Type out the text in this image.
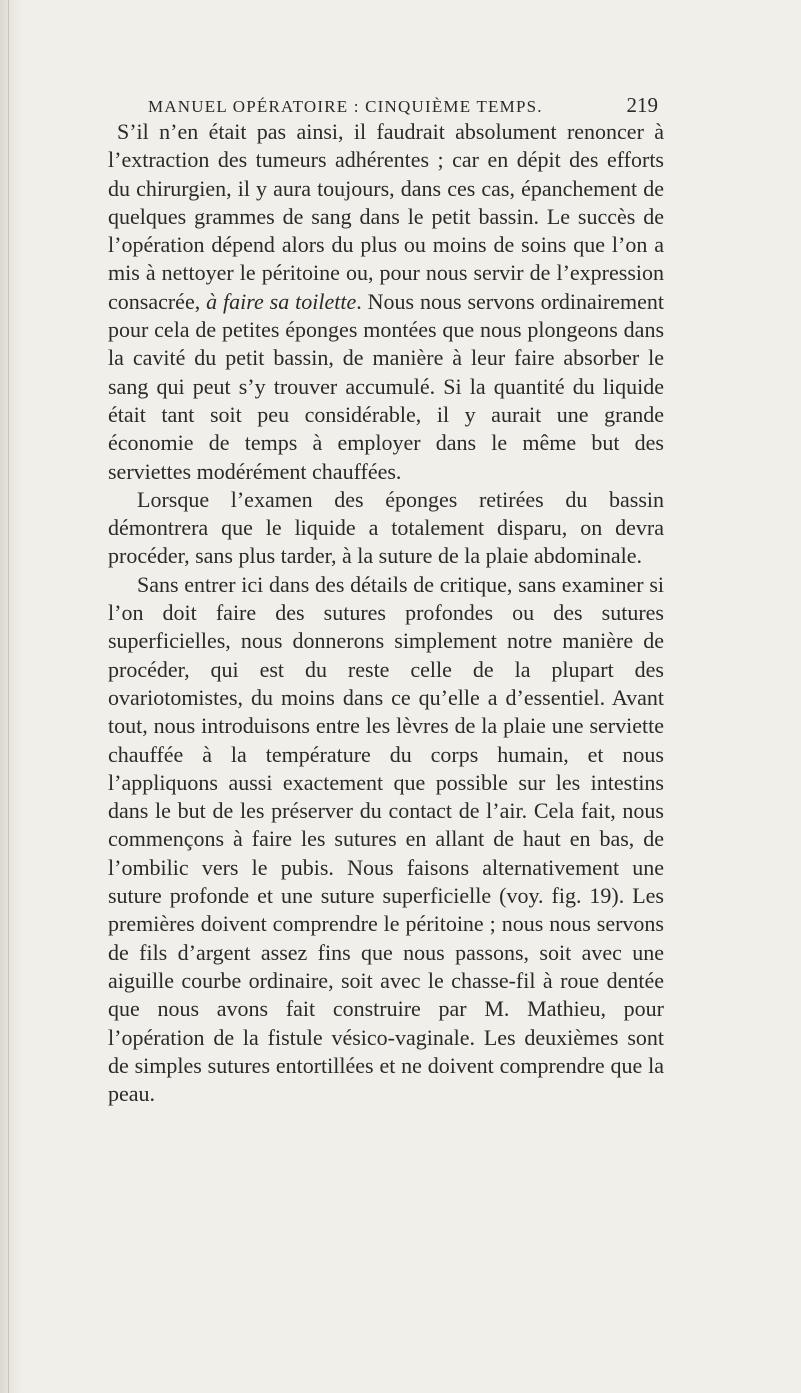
MANUEL OPÉRATOIRE : CINQUIÈME TEMPS.	219

S’il n’en était pas ainsi, il faudrait absolument renoncer à l’extraction des tumeurs adhérentes ; car en dépit des efforts du chirurgien, il y aura toujours, dans ces cas, épanchement de quelques grammes de sang dans le petit bassin. Le succès de l’opération dépend alors du plus ou moins de soins que l’on a mis à nettoyer le péritoine ou, pour nous servir de l’expression consacrée, à faire sa toilette. Nous nous servons ordinairement pour cela de petites éponges montées que nous plongeons dans la cavité du petit bassin, de manière à leur faire absorber le sang qui peut s’y trouver accumulé. Si la quantité du liquide était tant soit peu considérable, il y aurait une grande économie de temps à employer dans le même but des serviettes modérément chauffées.

Lorsque l’examen des éponges retirées du bassin démontrera que le liquide a totalement disparu, on devra procéder, sans plus tarder, à la suture de la plaie abdominale.

Sans entrer ici dans des détails de critique, sans examiner si l’on doit faire des sutures profondes ou des sutures superficielles, nous donnerons simplement notre manière de procéder, qui est du reste celle de la plupart des ovariotomistes, du moins dans ce qu’elle a d’essentiel. Avant tout, nous introduisons entre les lèvres de la plaie une serviette chauffée à la température du corps humain, et nous l’appliquons aussi exactement que possible sur les intestins dans le but de les préserver du contact de l’air. Cela fait, nous commençons à faire les sutures en allant de haut en bas, de l’ombilic vers le pubis. Nous faisons alternativement une suture profonde et une suture superficielle (voy. fig. 19). Les premières doivent comprendre le péritoine ; nous nous servons de fils d’argent assez fins que nous passons, soit avec une aiguille courbe ordinaire, soit avec le chasse-fil à roue dentée que nous avons fait construire par M. Mathieu, pour l’opération de la fistule vésico-vaginale. Les deuxièmes sont de simples sutures entortillées et ne doivent comprendre que la peau.
